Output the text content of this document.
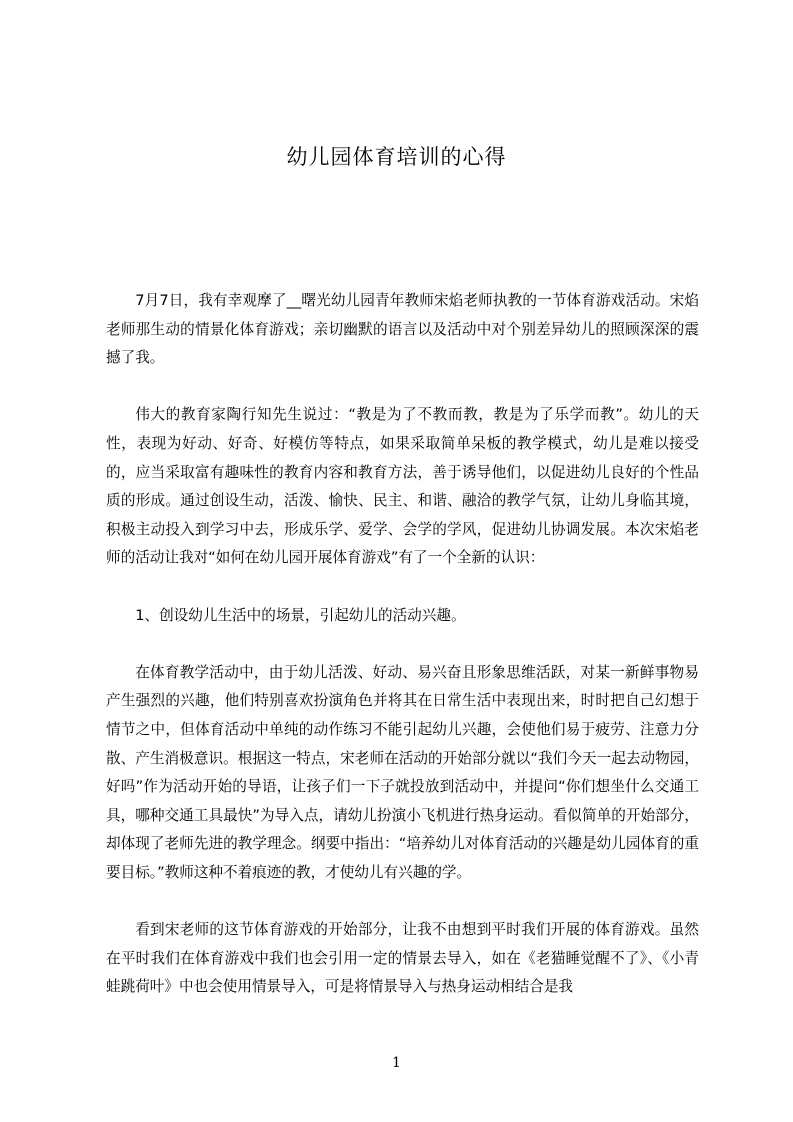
幼儿园体育培训的心得

7月7日，我有幸观摩了__曙光幼儿园青年教师宋焰老师执教的一节体育游戏活动。宋焰老师那生动的情景化体育游戏；亲切幽默的语言以及活动中对个别差异幼儿的照顾深深的震撼了我。

伟大的教育家陶行知先生说过：“教是为了不教而教，教是为了乐学而教”。幼儿的天性，表现为好动、好奇、好模仿等特点，如果采取简单呆板的教学模式，幼儿是难以接受的，应当采取富有趣味性的教育内容和教育方法，善于诱导他们，以促进幼儿良好的个性品质的形成。通过创设生动，活泼、愉快、民主、和谐、融洽的教学气氛，让幼儿身临其境，积极主动投入到学习中去，形成乐学、爱学、会学的学风，促进幼儿协调发展。本次宋焰老师的活动让我对“如何在幼儿园开展体育游戏”有了一个全新的认识：

1、创设幼儿生活中的场景，引起幼儿的活动兴趣。

在体育教学活动中，由于幼儿活泼、好动、易兴奋且形象思维活跃，对某一新鲜事物易产生强烈的兴趣，他们特别喜欢扮演角色并将其在日常生活中表现出来，时时把自己幻想于情节之中，但体育活动中单纯的动作练习不能引起幼儿兴趣，会使他们易于疲劳、注意力分散、产生消极意识。根据这一特点，宋老师在活动的开始部分就以“我们今天一起去动物园，好吗”作为活动开始的导语，让孩子们一下子就投放到活动中，并提问“你们想坐什么交通工具，哪种交通工具最快”为导入点，请幼儿扮演小飞机进行热身运动。看似简单的开始部分，却体现了老师先进的教学理念。纲要中指出：“培养幼儿对体育活动的兴趣是幼儿园体育的重要目标。”教师这种不着痕迹的教，才使幼儿有兴趣的学。

看到宋老师的这节体育游戏的开始部分，让我不由想到平时我们开展的体育游戏。虽然在平时我们在体育游戏中我们也会引用一定的情景去导入，如在《老猫睡觉醒不了》、《小青蛙跳荷叶》中也会使用情景导入，可是将情景导入与热身运动相结合是我

1
